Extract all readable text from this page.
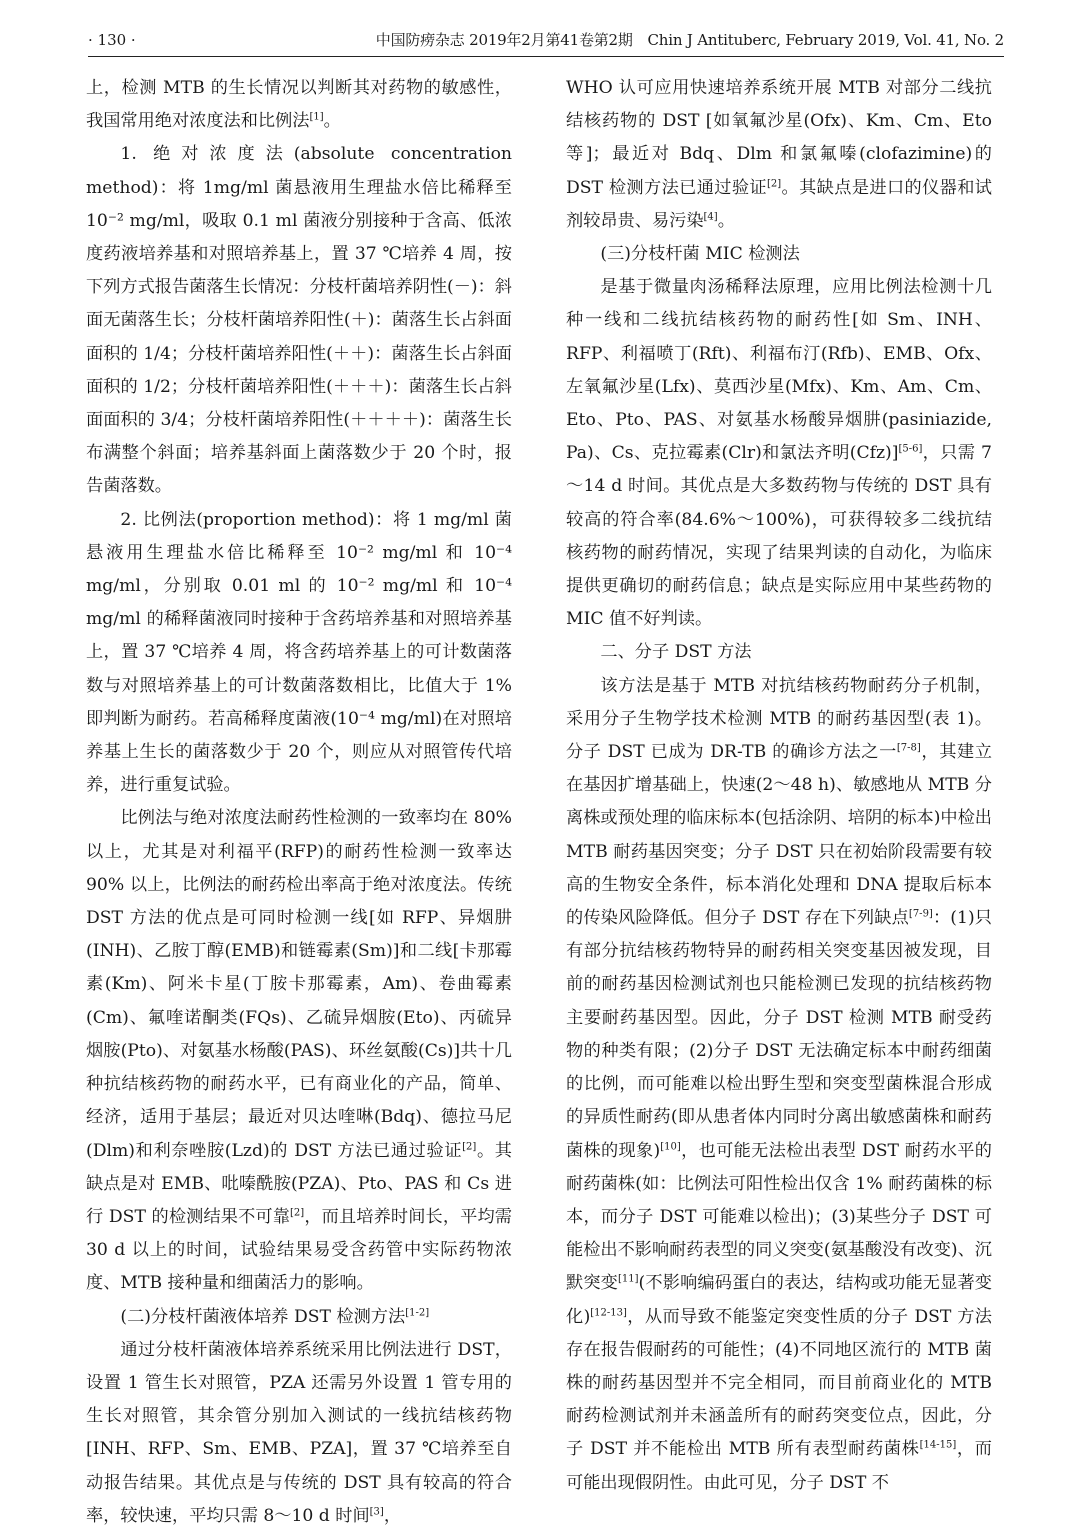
· 130 ·	中国防痨杂志 2019年2月第41卷第2期　Chin J Antituberc, February 2019, Vol. 41, No. 2

上，检测 MTB 的生长情况以判断其对药物的敏感性，我国常用绝对浓度法和比例法[1]。

1. 绝对浓度法(absolute concentration method)：将 1mg/ml 菌悬液用生理盐水倍比稀释至 10⁻² mg/ml，吸取 0.1 ml 菌液分别接种于含高、低浓度药液培养基和对照培养基上，置 37 ℃培养 4 周，按下列方式报告菌落生长情况：分枝杆菌培养阴性(－)：斜面无菌落生长；分枝杆菌培养阳性(＋)：菌落生长占斜面面积的 1/4；分枝杆菌培养阳性(＋＋)：菌落生长占斜面面积的 1/2；分枝杆菌培养阳性(＋＋＋)：菌落生长占斜面面积的 3/4；分枝杆菌培养阳性(＋＋＋＋)：菌落生长布满整个斜面；培养基斜面上菌落数少于 20 个时，报告菌落数。

2. 比例法(proportion method)：将 1 mg/ml 菌悬液用生理盐水倍比稀释至 10⁻² mg/ml 和 10⁻⁴ mg/ml，分别取 0.01 ml 的 10⁻² mg/ml 和 10⁻⁴ mg/ml 的稀释菌液同时接种于含药培养基和对照培养基上，置 37 ℃培养 4 周，将含药培养基上的可计数菌落数与对照培养基上的可计数菌落数相比，比值大于 1% 即判断为耐药。若高稀释度菌液(10⁻⁴ mg/ml)在对照培养基上生长的菌落数少于 20 个，则应从对照管传代培养，进行重复试验。

比例法与绝对浓度法耐药性检测的一致率均在 80% 以上，尤其是对利福平(RFP)的耐药性检测一致率达 90% 以上，比例法的耐药检出率高于绝对浓度法。传统 DST 方法的优点是可同时检测一线[如 RFP、异烟肼(INH)、乙胺丁醇(EMB)和链霉素(Sm)]和二线[卡那霉素(Km)、阿米卡星(丁胺卡那霉素，Am)、卷曲霉素(Cm)、氟喹诺酮类(FQs)、乙硫异烟胺(Eto)、丙硫异烟胺(Pto)、对氨基水杨酸(PAS)、环丝氨酸(Cs)]共十几种抗结核药物的耐药水平，已有商业化的产品，简单、经济，适用于基层；最近对贝达喹啉(Bdq)、德拉马尼(Dlm)和利奈唑胺(Lzd)的 DST 方法已通过验证[2]。其缺点是对 EMB、吡嗪酰胺(PZA)、Pto、PAS 和 Cs 进行 DST 的检测结果不可靠[2]，而且培养时间长，平均需 30 d 以上的时间，试验结果易受含药管中实际药物浓度、MTB 接种量和细菌活力的影响。

(二)分枝杆菌液体培养 DST 检测方法[1-2]

通过分枝杆菌液体培养系统采用比例法进行 DST，设置 1 管生长对照管，PZA 还需另外设置 1 管专用的生长对照管，其余管分别加入测试的一线抗结核药物[INH、RFP、Sm、EMB、PZA]，置 37 ℃培养至自动报告结果。其优点是与传统的 DST 具有较高的符合率，较快速，平均只需 8～10 d 时间[3]，

WHO 认可应用快速培养系统开展 MTB 对部分二线抗结核药物的 DST [如氧氟沙星(Ofx)、Km、Cm、Eto 等]；最近对 Bdq、Dlm 和氯氟嗪(clofazimine)的 DST 检测方法已通过验证[2]。其缺点是进口的仪器和试剂较昂贵、易污染[4]。

(三)分枝杆菌 MIC 检测法

是基于微量肉汤稀释法原理，应用比例法检测十几种一线和二线抗结核药物的耐药性[如 Sm、INH、RFP、利福喷丁(Rft)、利福布汀(Rfb)、EMB、Ofx、左氧氟沙星(Lfx)、莫西沙星(Mfx)、Km、Am、Cm、Eto、Pto、PAS、对氨基水杨酸异烟肼(pasiniazide, Pa)、Cs、克拉霉素(Clr)和氯法齐明(Cfz)][5-6]，只需 7～14 d 时间。其优点是大多数药物与传统的 DST 具有较高的符合率(84.6%～100%)，可获得较多二线抗结核药物的耐药情况，实现了结果判读的自动化，为临床提供更确切的耐药信息；缺点是实际应用中某些药物的 MIC 值不好判读。

二、分子 DST 方法

该方法是基于 MTB 对抗结核药物耐药分子机制，采用分子生物学技术检测 MTB 的耐药基因型(表 1)。分子 DST 已成为 DR-TB 的确诊方法之一[7-8]，其建立在基因扩增基础上，快速(2～48 h)、敏感地从 MTB 分离株或预处理的临床标本(包括涂阴、培阴的标本)中检出 MTB 耐药基因突变；分子 DST 只在初始阶段需要有较高的生物安全条件，标本消化处理和 DNA 提取后标本的传染风险降低。但分子 DST 存在下列缺点[7-9]：(1)只有部分抗结核药物特异的耐药相关突变基因被发现，目前的耐药基因检测试剂也只能检测已发现的抗结核药物主要耐药基因型。因此，分子 DST 检测 MTB 耐受药物的种类有限；(2)分子 DST 无法确定标本中耐药细菌的比例，而可能难以检出野生型和突变型菌株混合形成的异质性耐药(即从患者体内同时分离出敏感菌株和耐药菌株的现象)[10]，也可能无法检出表型 DST 耐药水平的耐药菌株(如：比例法可阳性检出仅含 1% 耐药菌株的标本，而分子 DST 可能难以检出)；(3)某些分子 DST 可能检出不影响耐药表型的同义突变(氨基酸没有改变)、沉默突变[11](不影响编码蛋白的表达，结构或功能无显著变化)[12-13]，从而导致不能鉴定突变性质的分子 DST 方法存在报告假耐药的可能性；(4)不同地区流行的 MTB 菌株的耐药基因型并不完全相同，而目前商业化的 MTB 耐药检测试剂并未涵盖所有的耐药突变位点，因此，分子 DST 并不能检出 MTB 所有表型耐药菌株[14-15]，而可能出现假阴性。由此可见，分子 DST 不
